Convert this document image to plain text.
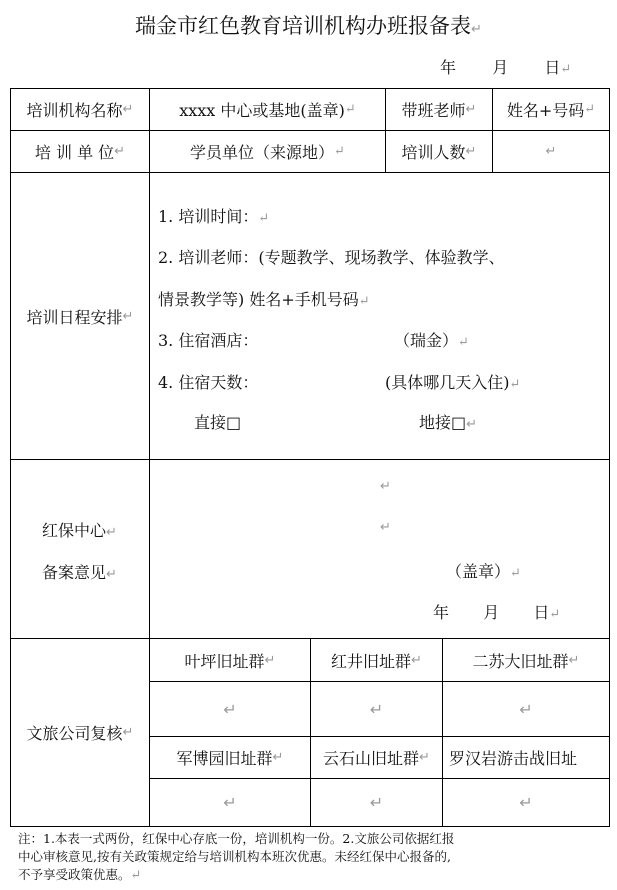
瑞金市红色教育培训机构办班报备表↵
年 月 日↵
培训机构名称 ↵	xxxx 中心或基地(盖章) ↵	带班老师 ↵ 姓名+号码 ↵
培 训 单 位 ↵	学员单位（来源地） ↵	培训人数 ↵	↵
培训日程安排 ↵
1. 培训时间：↵
2. 培训老师：(专题教学、现场教学、体验教学、
情景教学等) 姓名+手机号码↵
3. 住宿酒店：	（瑞金）↵
4. 住宿天数：	(具体哪几天入住)↵
直接□	地接□↵
红保中心↵
备案意见↵
↵
↵
（盖章）↵
年 月 日↵
文旅公司复核 ↵
叶坪旧址群 ↵	红井旧址群 ↵	二苏大旧址群 ↵
↵	↵	↵
军博园旧址群 ↵ 云石山旧址群 ↵ 罗汉岩游击战旧址
↵	↵	↵
注：1.本表一式两份，红保中心存底一份，培训机构一份。2.文旅公司依据红报
中心审核意见,按有关政策规定给与培训机构本班次优惠。未经红保中心报备的,
不予享受政策优惠。↵
